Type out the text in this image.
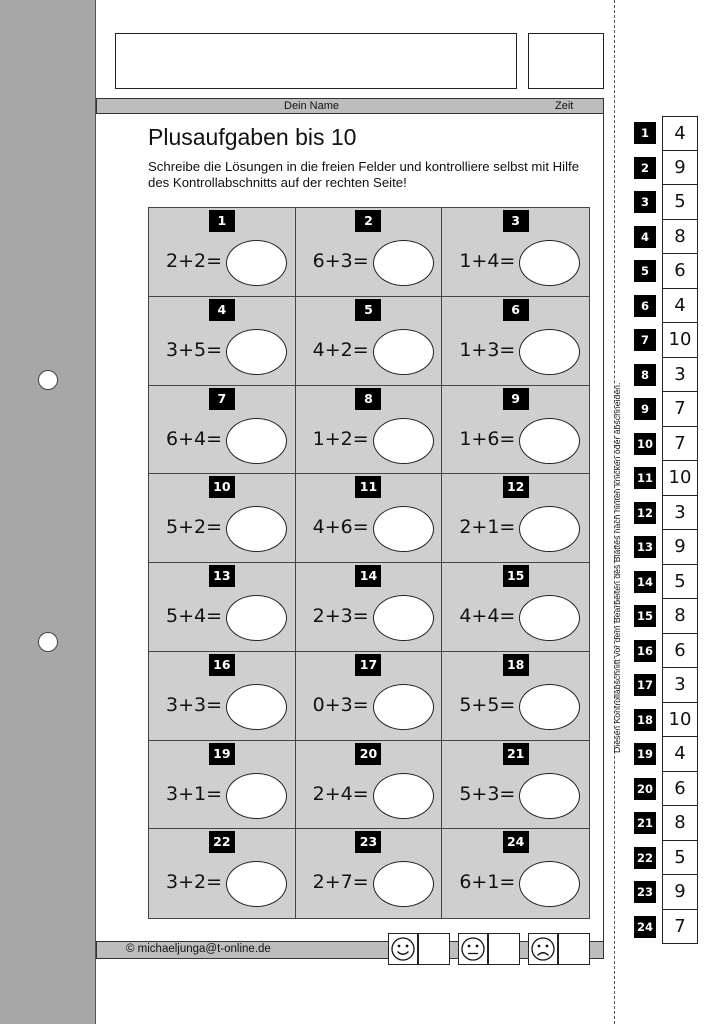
Dein Name	Zeit
Plusaufgaben bis 10

Schreibe die Lösungen in die freien Felder und kontrolliere selbst mit Hilfe des Kontrollabschnitts auf der rechten Seite!

1
2+2=
2
6+3=
3
1+4=
4
3+5=
5
4+2=
6
1+3=
7
6+4=
8
1+2=
9
1+6=
10
5+2=
11
4+6=
12
2+1=
13
5+4=
14
2+3=
15
4+4=
16
3+3=
17
0+3=
18
5+5=
19
3+1=
20
2+4=
21
5+3=
22
3+2=
23
2+7=
24
6+1=
© michaeljunga@t-online.de
Diesen Kontrollabschnitt vor dem Bearbeiten des Blattes nach hinten knicken oder abschneiden.
1	4
2	9
3	5
4	8
5	6
6	4
7	10
8	3
9	7
10	7
11 10
12	3
13	9
14	5
15	8
16	6
17	3
18 10
19	4
20	6
21	8
22	5
23	9
24	7
